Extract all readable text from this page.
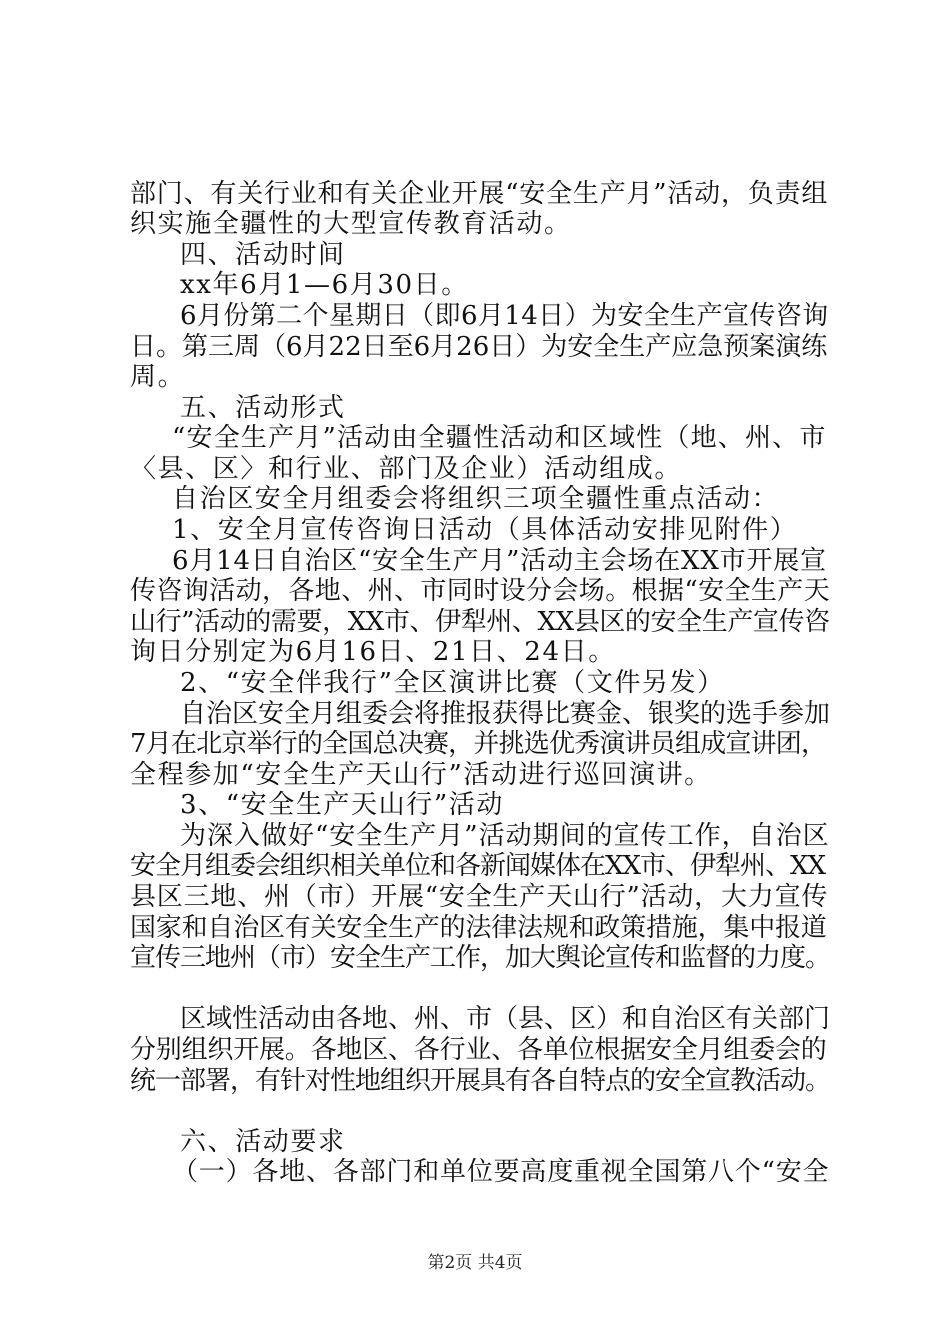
部门、有关行业和有关企业开展“安全生产月”活动，负责组
织实施全疆性的大型宣传教育活动。
四、活动时间
xx年6月1—6月30日。
6月份第二个星期日（即6月14日）为安全生产宣传咨询
日。第三周（6月22日至6月26日）为安全生产应急预案演练
周。
五、活动形式
“安全生产月”活动由全疆性活动和区域性（地、州、市
〈县、区〉和行业、部门及企业）活动组成。
自治区安全月组委会将组织三项全疆性重点活动：
1、安全月宣传咨询日活动（具体活动安排见附件）
6月14日自治区“安全生产月”活动主会场在XX市开展宣
传咨询活动，各地、州、市同时设分会场。根据“安全生产天
山行”活动的需要，XX市、伊犁州、XX县区的安全生产宣传咨
询日分别定为6月16日、21日、24日。
2、“安全伴我行”全区演讲比赛（文件另发）
自治区安全月组委会将推报获得比赛金、银奖的选手参加
7月在北京举行的全国总决赛，并挑选优秀演讲员组成宣讲团，
全程参加“安全生产天山行”活动进行巡回演讲。
3、“安全生产天山行”活动
为深入做好“安全生产月”活动期间的宣传工作，自治区
安全月组委会组织相关单位和各新闻媒体在XX市、伊犁州、XX
县区三地、州（市）开展“安全生产天山行”活动，大力宣传
国家和自治区有关安全生产的法律法规和政策措施，集中报道
宣传三地州（市）安全生产工作，加大舆论宣传和监督的力度。
区域性活动由各地、州、市（县、区）和自治区有关部门
分别组织开展。各地区、各行业、各单位根据安全月组委会的
统一部署，有针对性地组织开展具有各自特点的安全宣教活动。
六、活动要求
（一）各地、各部门和单位要高度重视全国第八个“安全
第2页 共4页
